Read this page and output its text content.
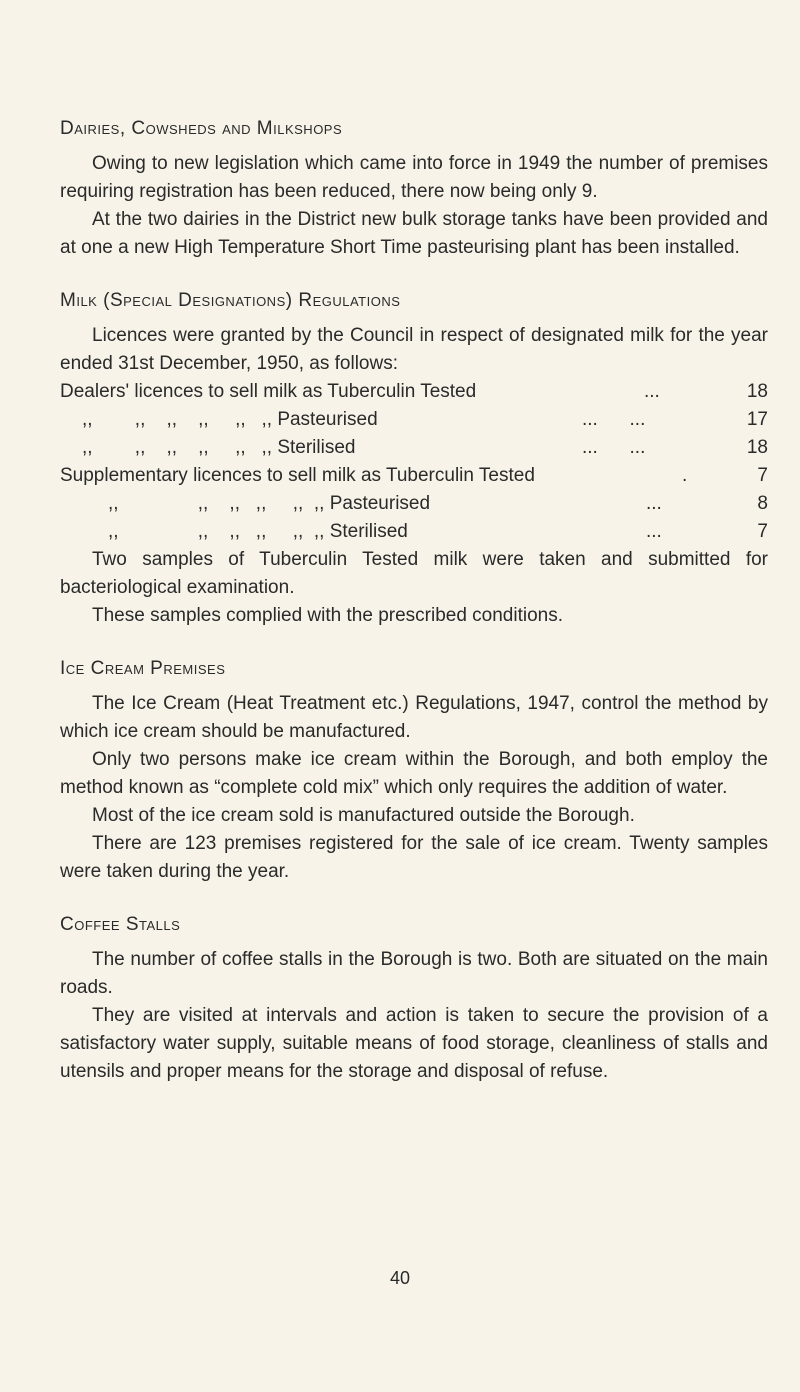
Dairies, Cowsheds and Milkshops

Owing to new legislation which came into force in 1949 the number of premises requiring registration has been reduced, there now being only 9.

At the two dairies in the District new bulk storage tanks have been provided and at one a new High Temperature Short Time pasteurising plant has been installed.

Milk (Special Designations) Regulations

Licences were granted by the Council in respect of designated milk for the year ended 31st December, 1950, as follows:

Dealers' licences to sell milk as Tuberculin Tested	...	18
,,        ,,    ,,    ,,     ,,   ,, Pasteurised	...      ...	17
,,        ,,    ,,    ,,     ,,   ,, Sterilised	...      ...	18
Supplementary licences to sell milk as Tuberculin Tested	.	7
,,               ,,    ,,   ,,     ,,  ,, Pasteurised	...	8
,,               ,,    ,,   ,,     ,,  ,, Sterilised	...	7

Two samples of Tuberculin Tested milk were taken and submitted for bacteriological examination.

These samples complied with the prescribed conditions.

Ice Cream Premises

The Ice Cream (Heat Treatment etc.) Regulations, 1947, control the method by which ice cream should be manufactured.

Only two persons make ice cream within the Borough, and both employ the method known as “complete cold mix” which only requires the addition of water.

Most of the ice cream sold is manufactured outside the Borough.

There are 123 premises registered for the sale of ice cream. Twenty samples were taken during the year.

Coffee Stalls

The number of coffee stalls in the Borough is two. Both are situated on the main roads.

They are visited at intervals and action is taken to secure the provision of a satisfactory water supply, suitable means of food storage, cleanliness of stalls and utensils and proper means for the storage and disposal of refuse.

40
